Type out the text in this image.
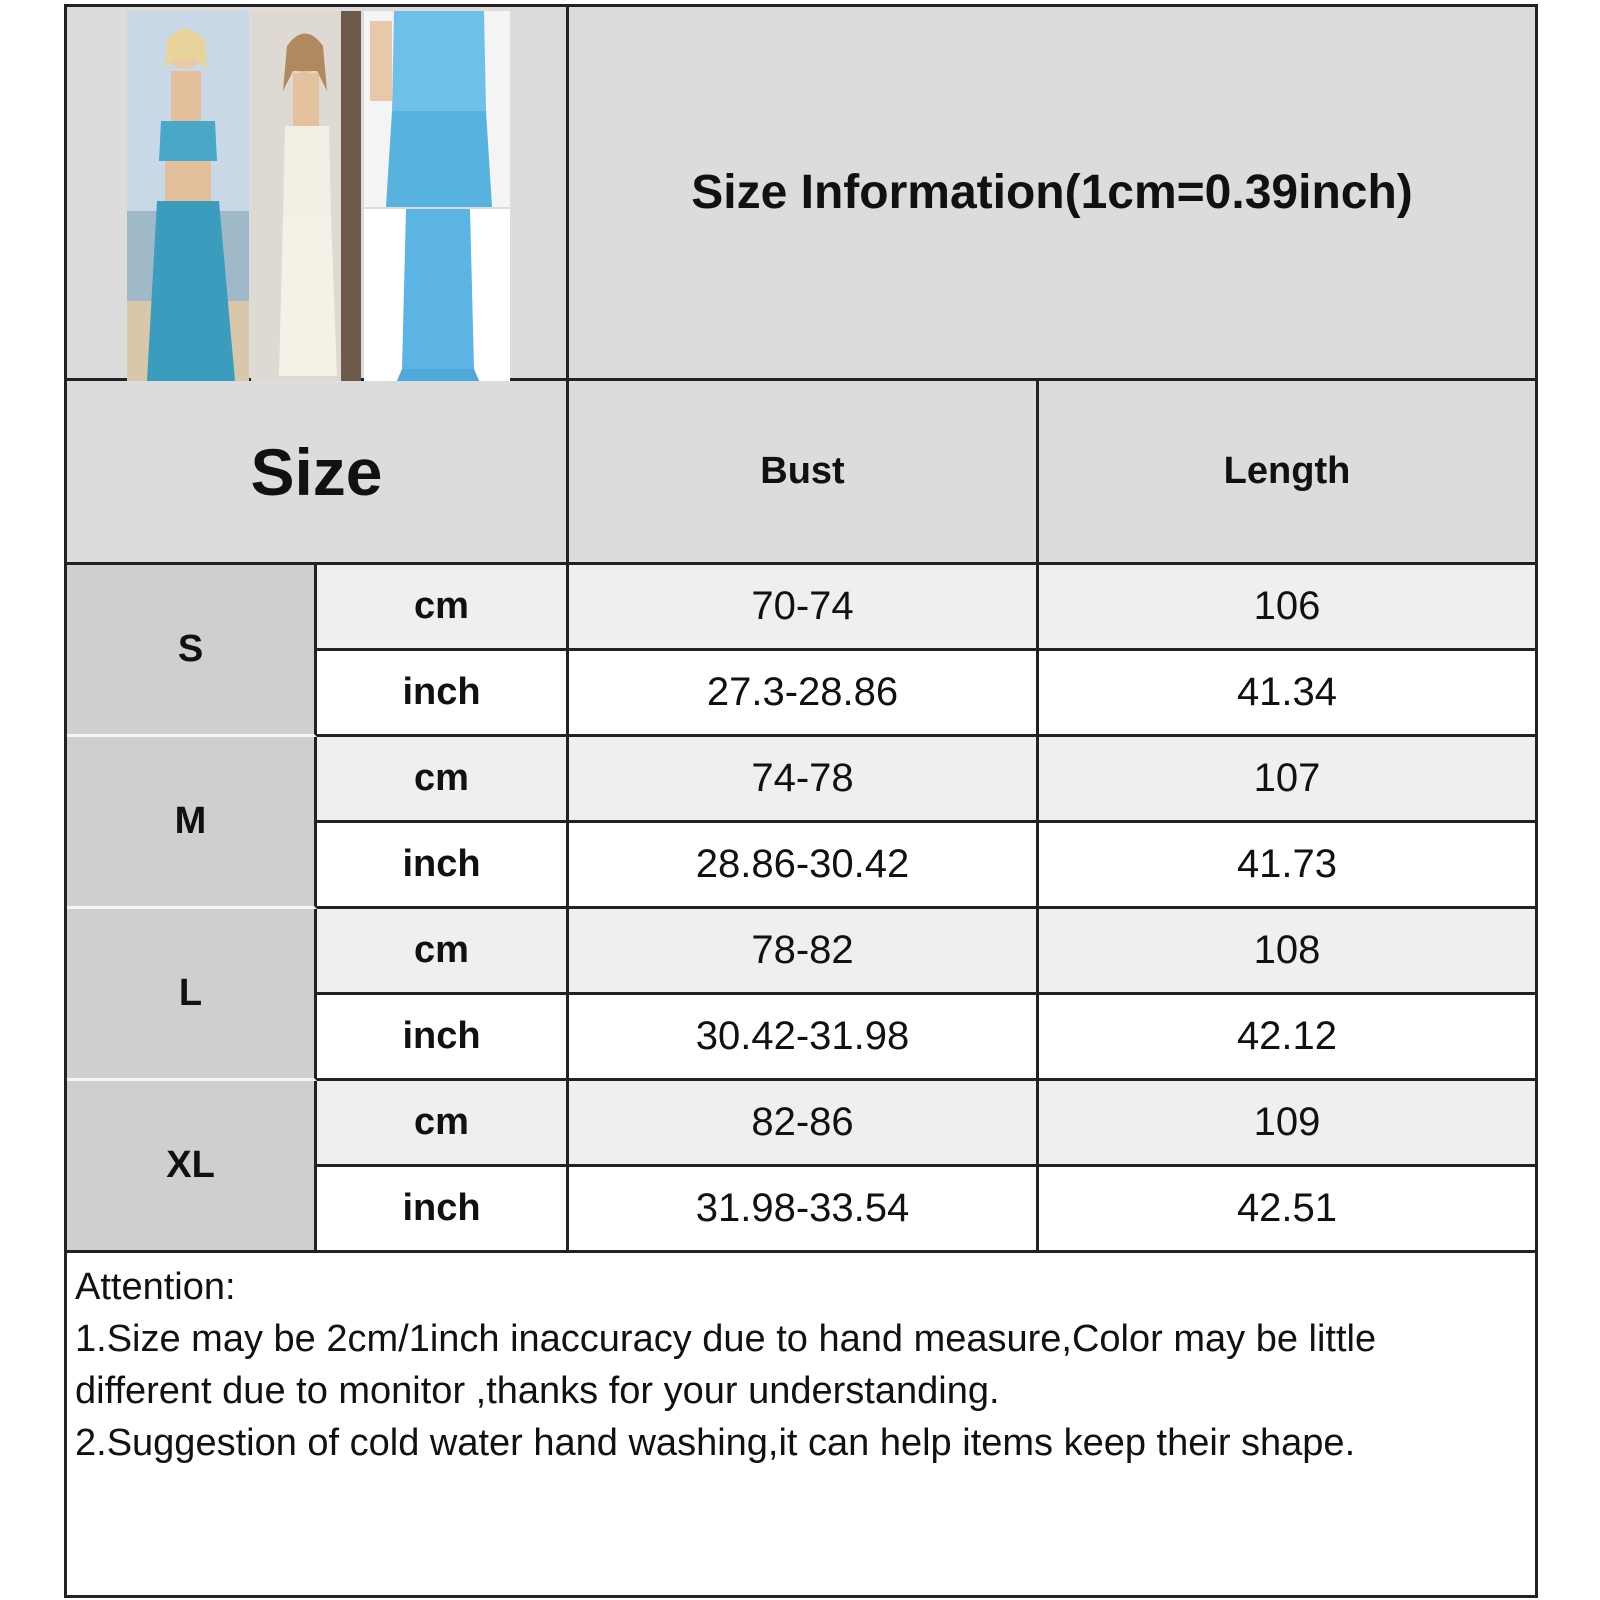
Size Information(1cm=0.39inch)
Size	Bust	Length
S
cm	70-74	106
inch	27.3-28.86	41.34
M
cm	74-78	107
inch	28.86-30.42	41.73
L
cm	78-82	108
inch	30.42-31.98	42.12
XL
cm	82-86	109
inch	31.98-33.54	42.51
Attention:
1.Size may be 2cm/1inch inaccuracy due to hand measure,Color may be little
different due to monitor ,thanks for your understanding.
2.Suggestion of cold water hand washing,it can help items keep their shape.
